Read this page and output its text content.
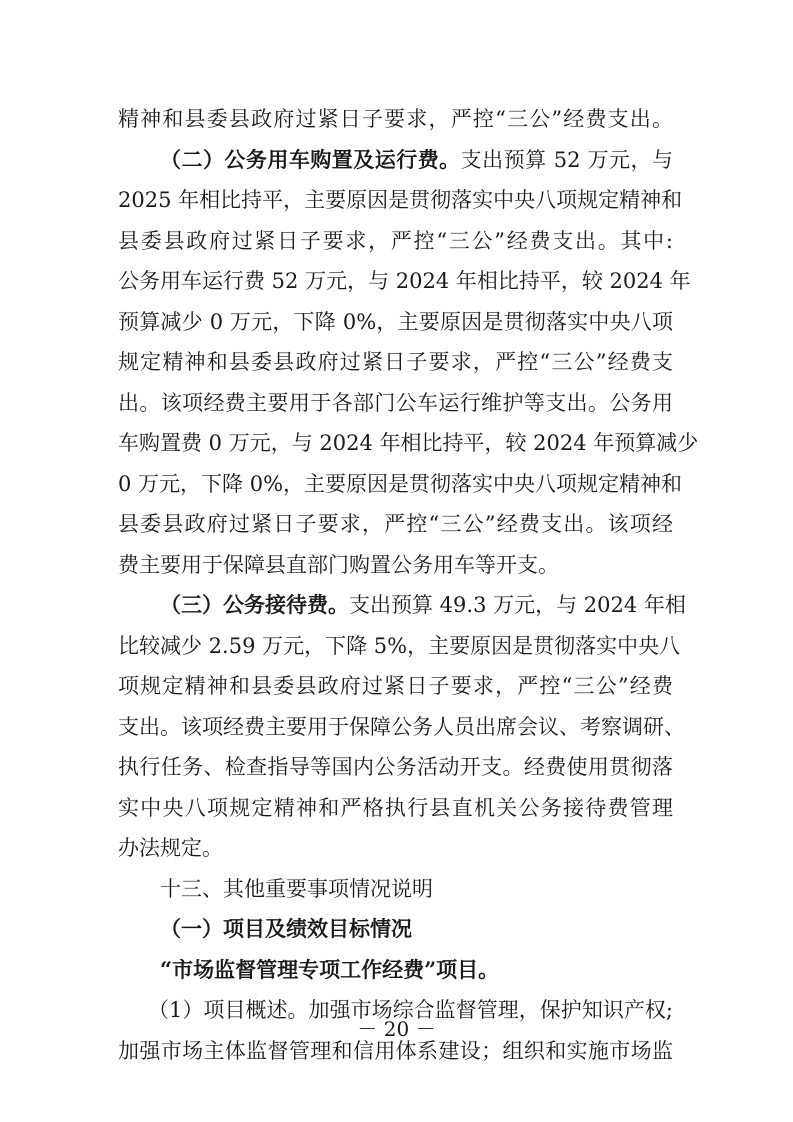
精神和县委县政府过紧日子要求，严控“三公”经费支出。
（二）公务用车购置及运行费。支出预算 52 万元，与
2025 年相比持平，主要原因是贯彻落实中央八项规定精神和
县委县政府过紧日子要求，严控“三公”经费支出。其中:
公务用车运行费 52 万元，与 2024 年相比持平，较 2024 年
预算减少 0 万元，下降 0%，主要原因是贯彻落实中央八项
规定精神和县委县政府过紧日子要求，严控“三公”经费支
出。该项经费主要用于各部门公车运行维护等支出。公务用
车购置费 0 万元，与 2024 年相比持平，较 2024 年预算减少
0 万元，下降 0%，主要原因是贯彻落实中央八项规定精神和
县委县政府过紧日子要求，严控“三公”经费支出。该项经
费主要用于保障县直部门购置公务用车等开支。
（三）公务接待费。支出预算 49.3 万元，与 2024 年相
比较减少 2.59 万元，下降 5%，主要原因是贯彻落实中央八
项规定精神和县委县政府过紧日子要求，严控“三公”经费
支出。该项经费主要用于保障公务人员出席会议、考察调研、
执行任务、检查指导等国内公务活动开支。经费使用贯彻落
实中央八项规定精神和严格执行县直机关公务接待费管理
办法规定。
十三、其他重要事项情况说明
（一）项目及绩效目标情况
“市场监督管理专项工作经费”项目。
（1）项目概述。加强市场综合监督管理，保护知识产权;
加强市场主体监督管理和信用体系建设；组织和实施市场监
－ 20 －
